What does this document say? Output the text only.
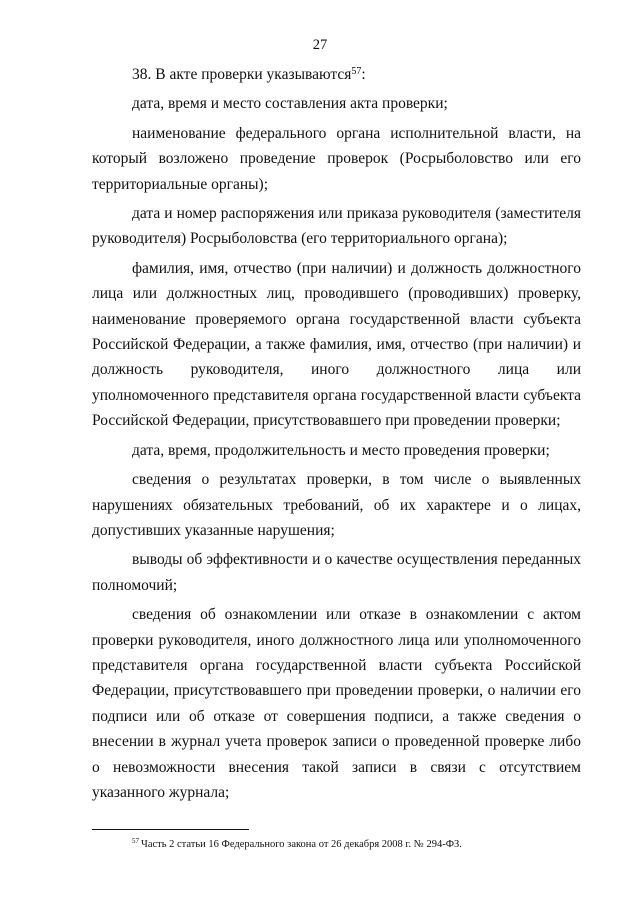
27

38. В акте проверки указываются$^{57}$:

дата, время и место составления акта проверки;

наименование федерального органа исполнительной власти, на который возложено проведение проверок (Росрыболовство или его территориальные органы);

дата и номер распоряжения или приказа руководителя (заместителя руководителя) Росрыболовства (его территориального органа);

фамилия, имя, отчество (при наличии) и должность должностного лица или должностных лиц, проводившего (проводивших) проверку, наименование проверяемого органа государственной власти субъекта Российской Федерации, а также фамилия, имя, отчество (при наличии) и должность руководителя, иного должностного лица или уполномоченного представителя органа государственной власти субъекта Российской Федерации, присутствовавшего при проведении проверки;

дата, время, продолжительность и место проведения проверки;

сведения о результатах проверки, в том числе о выявленных нарушениях обязательных требований, об их характере и о лицах, допустивших указанные нарушения;

выводы об эффективности и о качестве осуществления переданных полномочий;

сведения об ознакомлении или отказе в ознакомлении с актом проверки руководителя, иного должностного лица или уполномоченного представителя органа государственной власти субъекта Российской Федерации, присутствовавшего при проведении проверки, о наличии его подписи или об отказе от совершения подписи, а также сведения о внесении в журнал учета проверок записи о проведенной проверке либо о невозможности внесения такой записи в связи с отсутствием указанного журнала;

$^{57}$ Часть 2 статьи 16 Федерального закона от 26 декабря 2008 г. № 294-ФЗ.
